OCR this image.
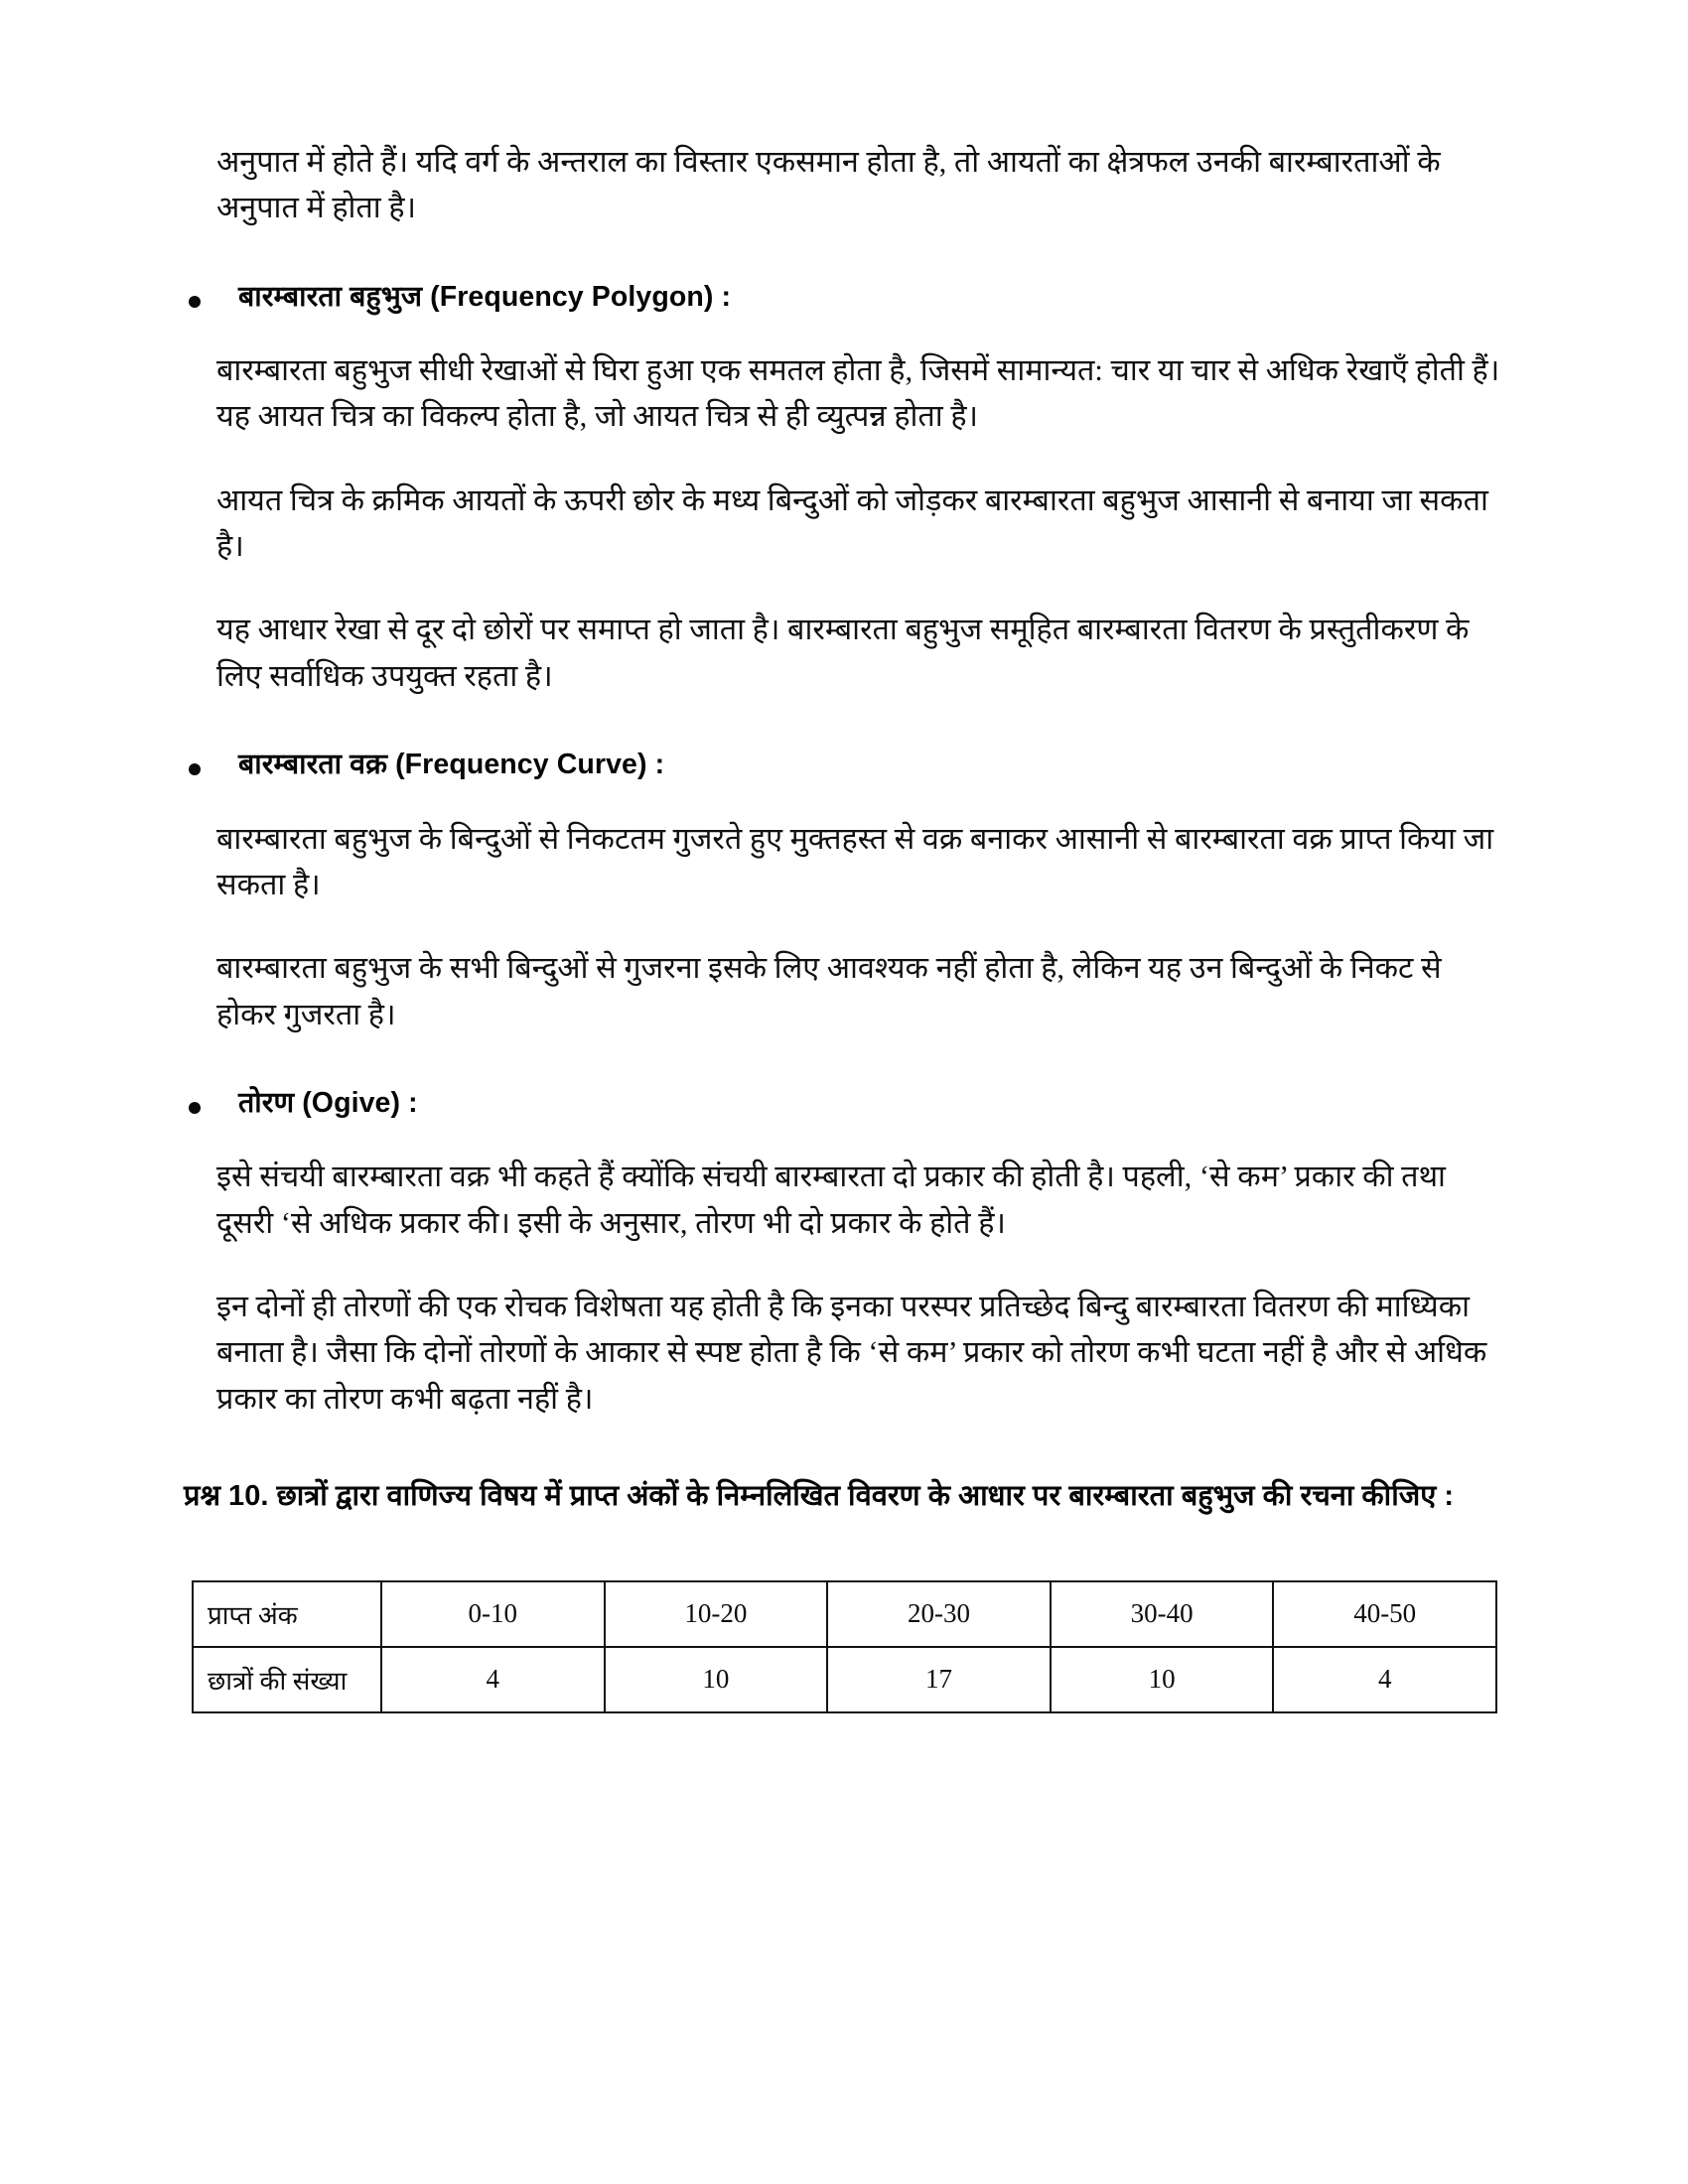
अनुपात में होते हैं। यदि वर्ग के अन्तराल का विस्तार एकसमान होता है, तो आयतों का क्षेत्रफल उनकी बारम्बारताओं के अनुपात में होता है।

बारम्बारता बहुभुज (Frequency Polygon) :

बारम्बारता बहुभुज सीधी रेखाओं से घिरा हुआ एक समतल होता है, जिसमें सामान्यत: चार या चार से अधिक रेखाएँ होती हैं। यह आयत चित्र का विकल्प होता है, जो आयत चित्र से ही व्युत्पन्न होता है।

आयत चित्र के क्रमिक आयतों के ऊपरी छोर के मध्य बिन्दुओं को जोड़कर बारम्बारता बहुभुज आसानी से बनाया जा सकता है।

यह आधार रेखा से दूर दो छोरों पर समाप्त हो जाता है। बारम्बारता बहुभुज समूहित बारम्बारता वितरण के प्रस्तुतीकरण के लिए सर्वाधिक उपयुक्त रहता है।

बारम्बारता वक्र (Frequency Curve) :

बारम्बारता बहुभुज के बिन्दुओं से निकटतम गुजरते हुए मुक्तहस्त से वक्र बनाकर आसानी से बारम्बारता वक्र प्राप्त किया जा सकता है।

बारम्बारता बहुभुज के सभी बिन्दुओं से गुजरना इसके लिए आवश्यक नहीं होता है, लेकिन यह उन बिन्दुओं के निकट से होकर गुजरता है।

तोरण (Ogive) :

इसे संचयी बारम्बारता वक्र भी कहते हैं क्योंकि संचयी बारम्बारता दो प्रकार की होती है। पहली, ‘से कम’ प्रकार की तथा दूसरी ‘से अधिक प्रकार की। इसी के अनुसार, तोरण भी दो प्रकार के होते हैं।

इन दोनों ही तोरणों की एक रोचक विशेषता यह होती है कि इनका परस्पर प्रतिच्छेद बिन्दु बारम्बारता वितरण की माध्यिका बनाता है। जैसा कि दोनों तोरणों के आकार से स्पष्ट होता है कि ‘से कम’ प्रकार को तोरण कभी घटता नहीं है और से अधिक प्रकार का तोरण कभी बढ़ता नहीं है।

प्रश्न 10. छात्रों द्वारा वाणिज्य विषय में प्राप्त अंकों के निम्नलिखित विवरण के आधार पर बारम्बारता बहुभुज की रचना कीजिए :
प्राप्त अंक	0-10	10-20	20-30	30-40	40-50
छात्रों की संख्या	4	10	17	10	4
